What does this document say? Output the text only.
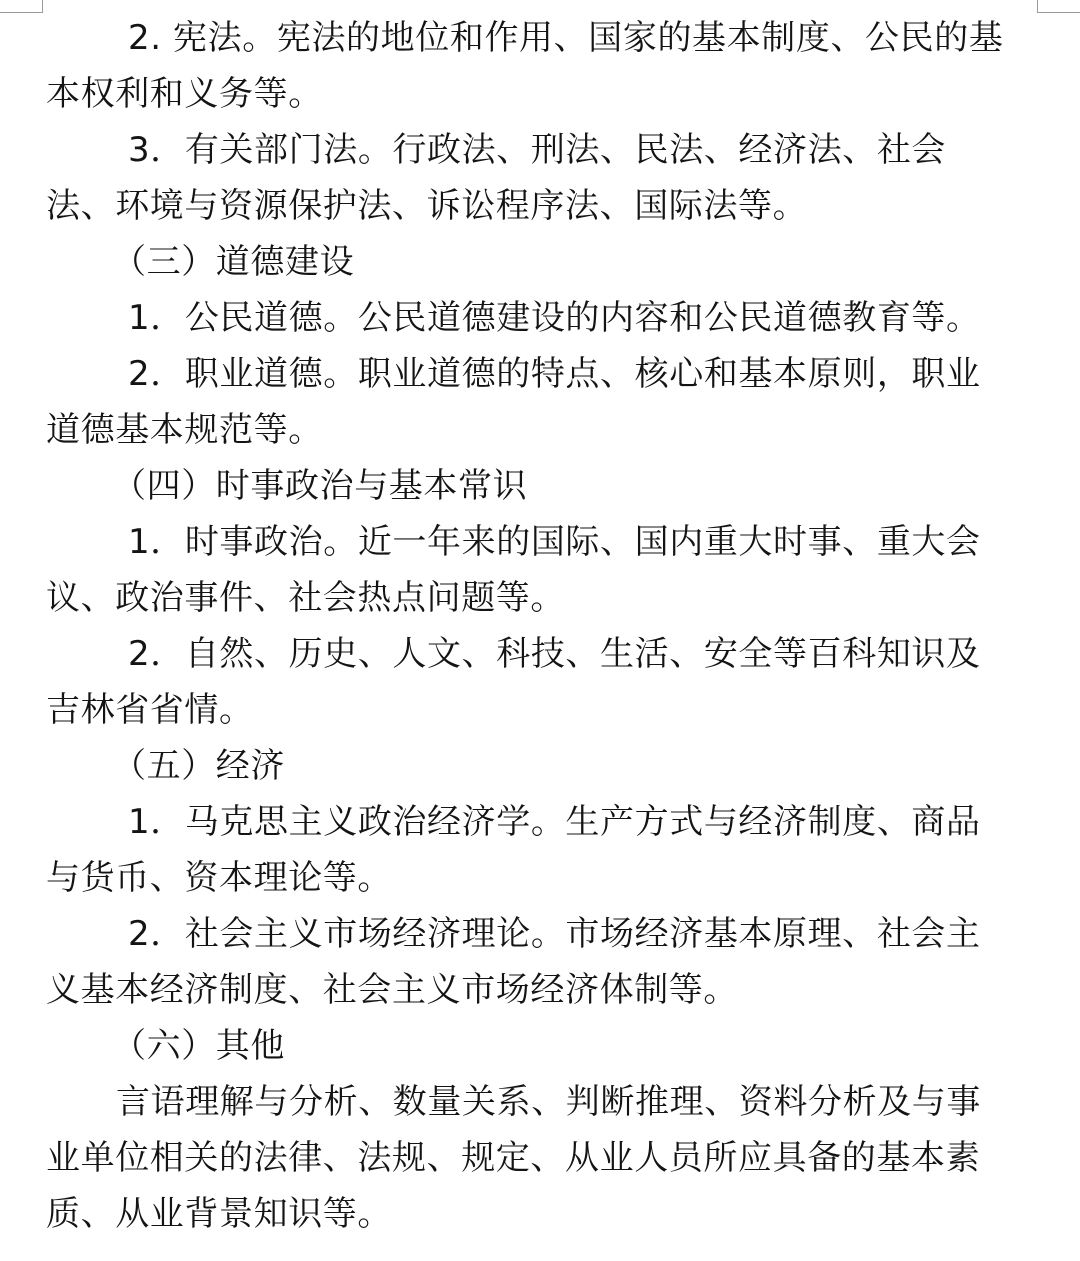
2. 宪法。宪法的地位和作用、国家的基本制度、公民的基
本权利和义务等。
3．有关部门法。行政法、刑法、民法、经济法、社会
法、环境与资源保护法、诉讼程序法、国际法等。
（三）道德建设
1．公民道德。公民道德建设的内容和公民道德教育等。
2．职业道德。职业道德的特点、核心和基本原则，职业
道德基本规范等。
（四）时事政治与基本常识
1．时事政治。近一年来的国际、国内重大时事、重大会
议、政治事件、社会热点问题等。
2．自然、历史、人文、科技、生活、安全等百科知识及
吉林省省情。
（五）经济
1．马克思主义政治经济学。生产方式与经济制度、商品
与货币、资本理论等。
2．社会主义市场经济理论。市场经济基本原理、社会主
义基本经济制度、社会主义市场经济体制等。
（六）其他
言语理解与分析、数量关系、判断推理、资料分析及与事
业单位相关的法律、法规、规定、从业人员所应具备的基本素
质、从业背景知识等。
